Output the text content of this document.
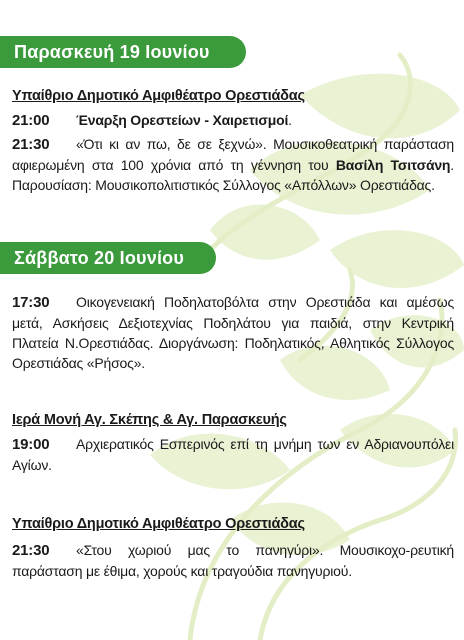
Παρασκευή 19 Ιουνίου
Υπαίθριο Δημοτικό Αμφιθέατρο Ορεστιάδας
21:00 Έναρξη Ορεστείων - Χαιρετισμοί.
21:30 «Ότι κι αν πω, δε σε ξεχνώ». Μουσικοθεατρική παράσταση αφιερωμένη στα 100 χρόνια από τη γέννηση του Βασίλη Τσιτσάνη. Παρουσίαση: Μουσικοπολιτιστικός Σύλλογος «Απόλλων» Ορεστιάδας.
Σάββατο 20 Ιουνίου
17:30 Οικογενειακή Ποδηλατοβόλτα στην Ορεστιάδα και αμέσως μετά, Ασκήσεις Δεξιοτεχνίας Ποδηλάτου για παιδιά, στην Κεντρική Πλατεία Ν.Ορεστιάδας. Διοργάνωση: Ποδηλατικός, Αθλητικός Σύλλογος Ορεστιάδας «Ρήσος».
Ιερά Μονή Αγ. Σκέπης & Αγ. Παρασκευής
19:00 Αρχιερατικός Εσπερινός επί τη μνήμη των εν Αδριανουπόλει Αγίων.
Υπαίθριο Δημοτικό Αμφιθέατρο Ορεστιάδας
21:30 «Στου χωριού μας το πανηγύρι». Μουσικοχο-ρευτική παράσταση με έθιμα, χορούς και τραγούδια πανηγυριού.
